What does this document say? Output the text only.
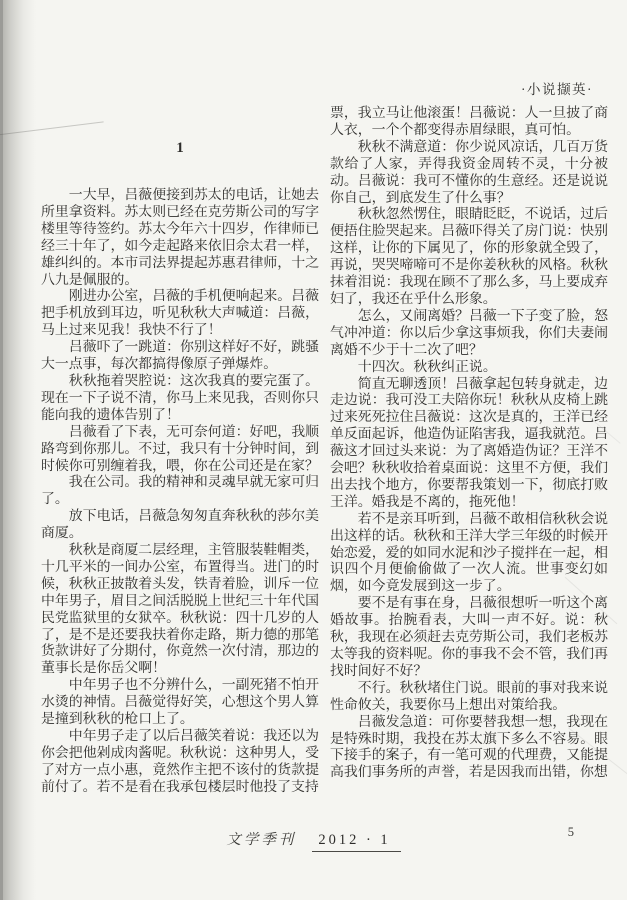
·小说撷英·
1

一大早，吕薇便接到苏太的电话，让她去所里拿资料。苏太则已经在克劳斯公司的写字楼里等待签约。苏太今年六十四岁，作律师已经三十年了，如今走起路来依旧佘太君一样，雄纠纠的。本市司法界提起苏惠君律师，十之八九是佩服的。

刚进办公室，吕薇的手机便响起来。吕薇把手机放到耳边，听见秋秋大声喊道：吕薇，马上过来见我！我快不行了！

吕薇吓了一跳道：你别这样好不好，跳骚大一点事，每次都搞得像原子弹爆炸。

秋秋拖着哭腔说：这次我真的要完蛋了。现在一下子说不清，你马上来见我，否则你只能向我的遗体告别了！

吕薇看了下表，无可奈何道：好吧，我顺路弯到你那儿。不过，我只有十分钟时间，到时候你可别缠着我，喂，你在公司还是在家？

我在公司。我的精神和灵魂早就无家可归了。

放下电话，吕薇急匆匆直奔秋秋的莎尔美商厦。

秋秋是商厦二层经理，主管服装鞋帽类，十几平米的一间办公室，布置得当。进门的时候，秋秋正披散着头发，铁青着脸，训斥一位中年男子，眉目之间活脱脱上世纪三十年代国民党监狱里的女狱卒。秋秋说：四十几岁的人了，是不是还要我扶着你走路，斯力德的那笔货款讲好了分期付，你竟然一次付清，那边的董事长是你岳父啊！

中年男子也不分辨什么，一副死猪不怕开水烫的神情。吕薇觉得好笑，心想这个男人算是撞到秋秋的枪口上了。

中年男子走了以后吕薇笑着说：我还以为你会把他剁成肉酱呢。秋秋说：这种男人，受了对方一点小惠，竟然作主把不该付的货款提前付了。若不是看在我承包楼层时他投了支持

票，我立马让他滚蛋！吕薇说：人一旦披了商人衣，一个个都变得赤眉绿眼，真可怕。

秋秋不满意道：你少说风凉话，几百万货款给了人家，弄得我资金周转不灵，十分被动。吕薇说：我可不懂你的生意经。还是说说你自己，到底发生了什么事？

秋秋忽然愣住，眼睛眨眨，不说话，过后便捂住脸哭起来。吕薇吓得关了房门说：快别这样，让你的下属见了，你的形象就全毁了，再说，哭哭啼啼可不是你姜秋秋的风格。秋秋抹着泪说：我现在顾不了那么多，马上要成弃妇了，我还在乎什么形象。

怎么，又闹离婚？吕薇一下子变了脸，怒气冲冲道：你以后少拿这事烦我，你们夫妻闹离婚不少于十二次了吧？

十四次。秋秋纠正说。

简直无聊透顶！吕薇拿起包转身就走，边走边说：我可没工夫陪你玩！秋秋从皮椅上跳过来死死拉住吕薇说：这次是真的，王洋已经单反面起诉，他造伪证陷害我，逼我就范。吕薇这才回过头来说：为了离婚造伪证？王洋不会吧？秋秋收拾着桌面说：这里不方便，我们出去找个地方，你要帮我策划一下，彻底打败王洋。婚我是不离的，拖死他！

若不是亲耳听到，吕薇不敢相信秋秋会说出这样的话。秋秋和王洋大学三年级的时候开始恋爱，爱的如同水泥和沙子搅拌在一起，相识四个月便偷偷做了一次人流。世事变幻如烟，如今竟发展到这一步了。

要不是有事在身，吕薇很想听一听这个离婚故事。抬腕看表，大叫一声不好。说：秋秋，我现在必须赶去克劳斯公司，我们老板苏太等我的资料呢。你的事我不会不管，我们再找时间好不好？

不行。秋秋堵住门说。眼前的事对我来说性命攸关，我要你马上想出对策给我。

吕薇发急道：可你要替我想一想，我现在是特殊时期，我投在苏太旗下多么不容易。眼下接手的案子，有一笔可观的代理费，又能提高我们事务所的声誉，若是因我而出错，你想

文学季刊 2012 · 1	5
